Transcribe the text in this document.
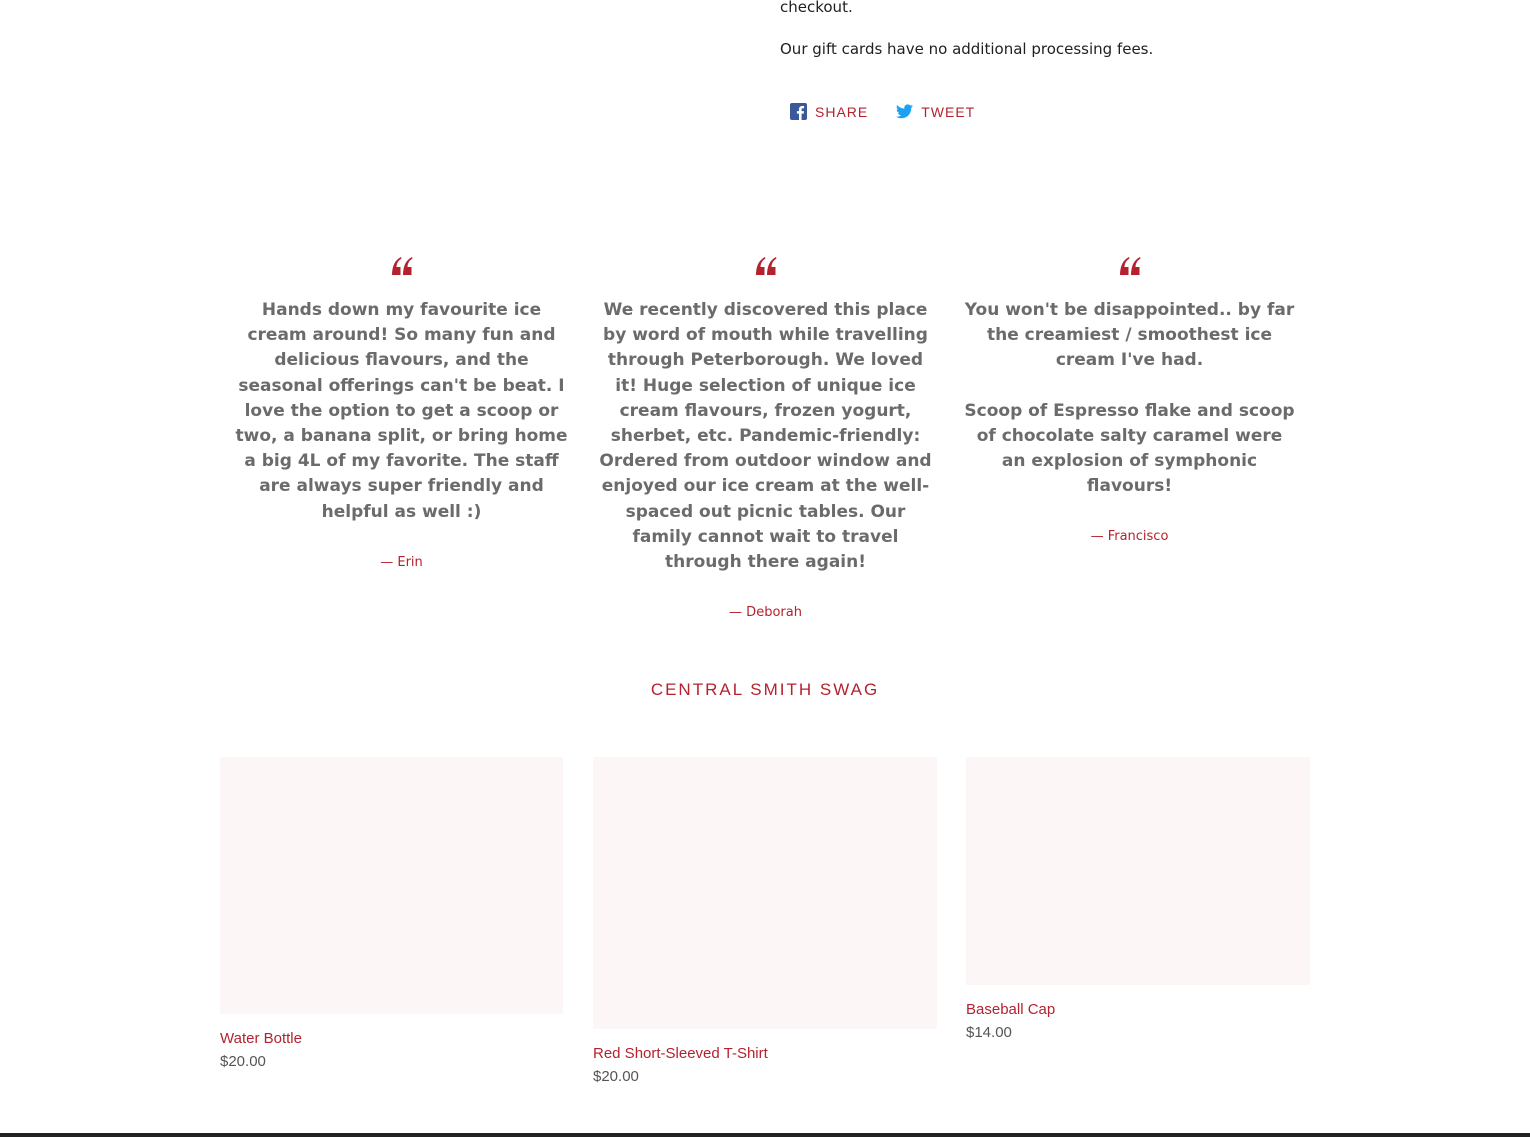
checkout.
Our gift cards have no additional processing fees.
SHARE	TWEET

Hands down my favourite ice cream around! So many fun and delicious flavours, and the seasonal offerings can't be beat. I love the option to get a scoop or two, a banana split, or bring home a big 4L of my favorite. The staff are always super friendly and helpful as well :)

— Erin

We recently discovered this place by word of mouth while travelling through Peterborough. We loved it! Huge selection of unique ice cream flavours, frozen yogurt, sherbet, etc. Pandemic-friendly: Ordered from outdoor window and enjoyed our ice cream at the well-spaced out picnic tables. Our family cannot wait to travel through there again!

— Deborah

You won't be disappointed.. by far the creamiest / smoothest ice cream I've had.

Scoop of Espresso flake and scoop of chocolate salty caramel were an explosion of symphonic flavours!

— Francisco
CENTRAL SMITH SWAG
Water Bottle
$20.00	Red Short-Sleeved T-Shirt
$20.00
Baseball Cap
$14.00
